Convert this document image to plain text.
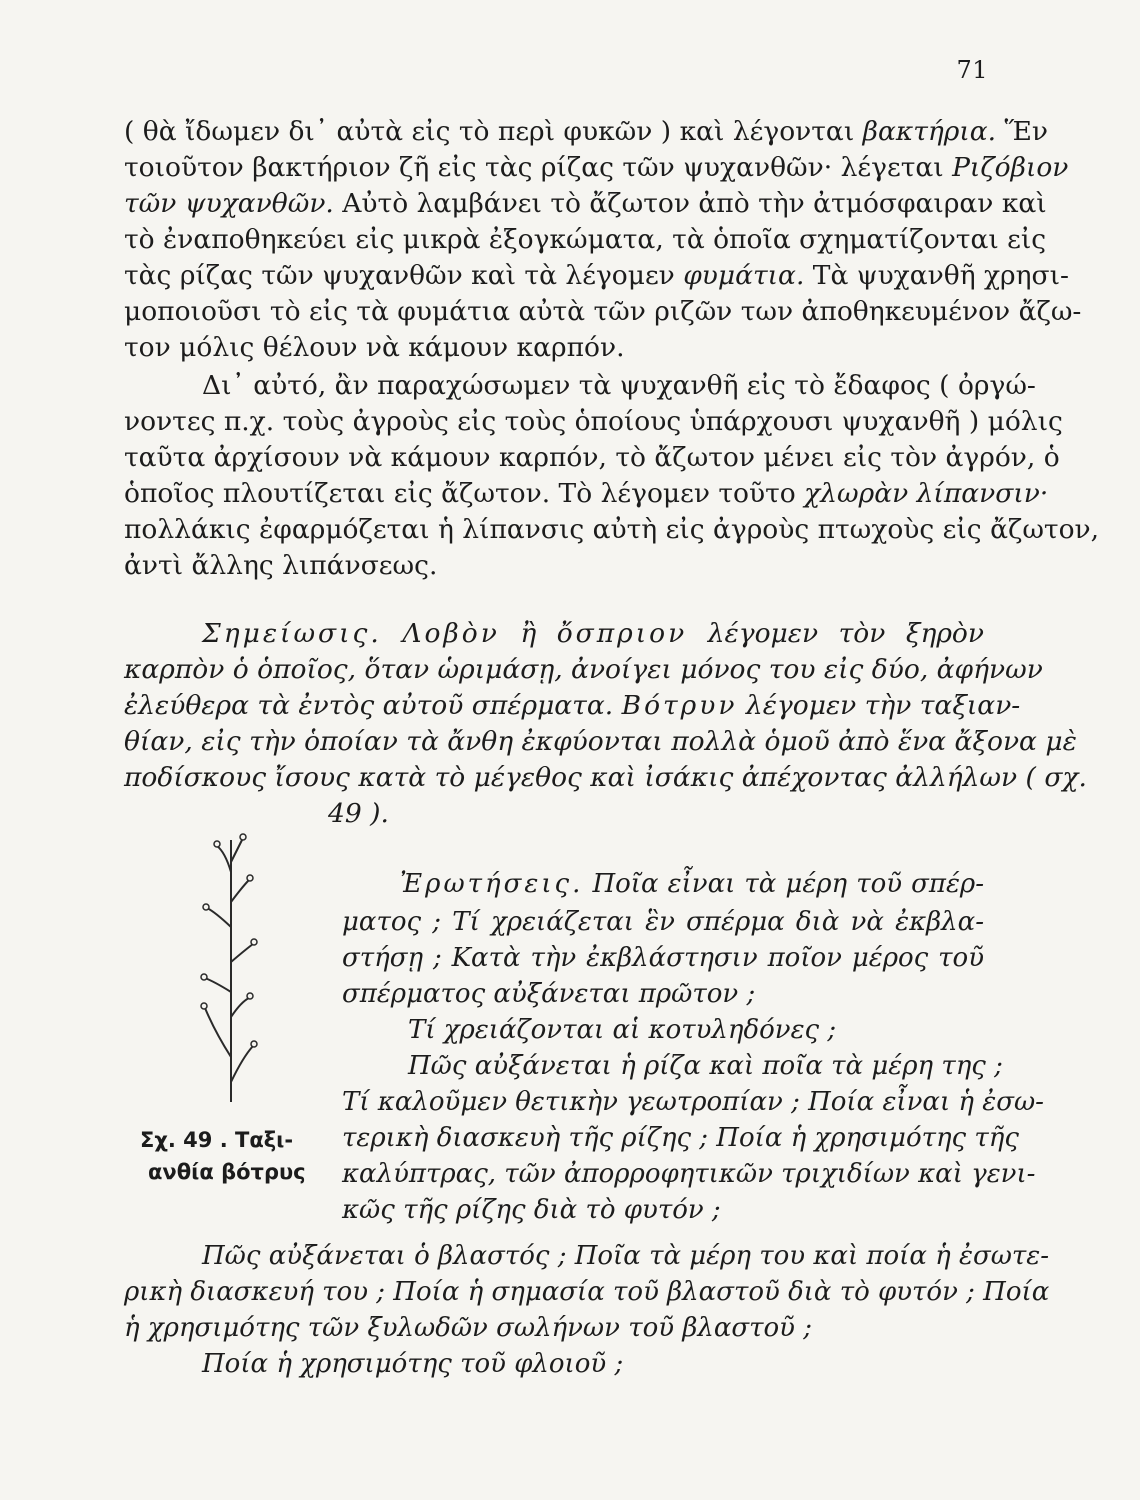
71
( θὰ ἴδωμεν δι᾽ αὐτὰ εἰς τὸ περὶ φυκῶν ) καὶ λέγονται βακτήρια. Ἕν
τοιοῦτον βακτήριον ζῆ εἰς τὰς ρίζας τῶν ψυχανθῶν· λέγεται Ριζόβιον
τῶν ψυχανθῶν. Αὐτὸ λαμβάνει τὸ ἄζωτον ἀπὸ τὴν ἀτμόσφαιραν καὶ
τὸ ἐναποθηκεύει εἰς μικρὰ ἐξογκώματα, τὰ ὁποῖα σχηματίζονται εἰς
τὰς ρίζας τῶν ψυχανθῶν καὶ τὰ λέγομεν φυμάτια. Τὰ ψυχανθῆ χρησι-
μοποιοῦσι τὸ εἰς τὰ φυμάτια αὐτὰ τῶν ριζῶν των ἀποθηκευμένον ἄζω-
τον μόλις θέλουν νὰ κάμουν καρπόν.
Δι᾽ αὐτό, ἂν παραχώσωμεν τὰ ψυχανθῆ εἰς τὸ ἔδαφος ( ὀργώ-
νοντες π.χ. τοὺς ἀγροὺς εἰς τοὺς ὁποίους ὑπάρχουσι ψυχανθῆ ) μόλις
ταῦτα ἀρχίσουν νὰ κάμουν καρπόν, τὸ ἄζωτον μένει εἰς τὸν ἀγρόν, ὁ
ὁποῖος πλουτίζεται εἰς ἄζωτον. Τὸ λέγομεν τοῦτο χλωρὰν λίπανσιν·
πολλάκις ἐφαρμόζεται ἡ λίπανσις αὐτὴ εἰς ἀγροὺς πτωχοὺς εἰς ἄζωτον,
ἀντὶ ἄλλης λιπάνσεως.
Σημείωσις. Λοβὸν ἢ ὄσπριον λέγομεν τὸν ξηρὸν
καρπὸν ὁ ὁποῖος, ὅταν ὡριμάσῃ, ἀνοίγει μόνος του εἰς δύο, ἀφήνων
ἐλεύθερα τὰ ἐντὸς αὐτοῦ σπέρματα. Βότρυν λέγομεν τὴν ταξιαν-
θίαν, εἰς τὴν ὁποίαν τὰ ἄνθη ἐκφύονται πολλὰ ὁμοῦ ἀπὸ ἕνα ἄξονα μὲ
ποδίσκους ἴσους κατὰ τὸ μέγεθος καὶ ἰσάκις ἀπέχοντας ἀλλήλων ( σχ.
49 ).
Σχ. 49 . Ταξι-
ανθία βότρυς
Ἐρωτήσεις. Ποῖα εἶναι τὰ μέρη τοῦ σπέρ-
ματος ; Τί χρειάζεται ἓν σπέρμα διὰ νὰ ἐκβλα-
στήσῃ ; Κατὰ τὴν ἐκβλάστησιν ποῖον μέρος τοῦ
σπέρματος αὐξάνεται πρῶτον ;
Τί χρειάζονται αἱ κοτυληδόνες ;
Πῶς αὐξάνεται ἡ ρίζα καὶ ποῖα τὰ μέρη της ;
Τί καλοῦμεν θετικὴν γεωτροπίαν ; Ποία εἶναι ἡ ἐσω-
τερικὴ διασκευὴ τῆς ρίζης ; Ποία ἡ χρησιμότης τῆς
καλύπτρας, τῶν ἀπορροφητικῶν τριχιδίων καὶ γενι-
κῶς τῆς ρίζης διὰ τὸ φυτόν ;
Πῶς αὐξάνεται ὁ βλαστός ; Ποῖα τὰ μέρη του καὶ ποία ἡ ἐσωτε-
ρικὴ διασκευή του ; Ποία ἡ σημασία τοῦ βλαστοῦ διὰ τὸ φυτόν ; Ποία
ἡ χρησιμότης τῶν ξυλωδῶν σωλήνων τοῦ βλαστοῦ ;
Ποία ἡ χρησιμότης τοῦ φλοιοῦ ;
